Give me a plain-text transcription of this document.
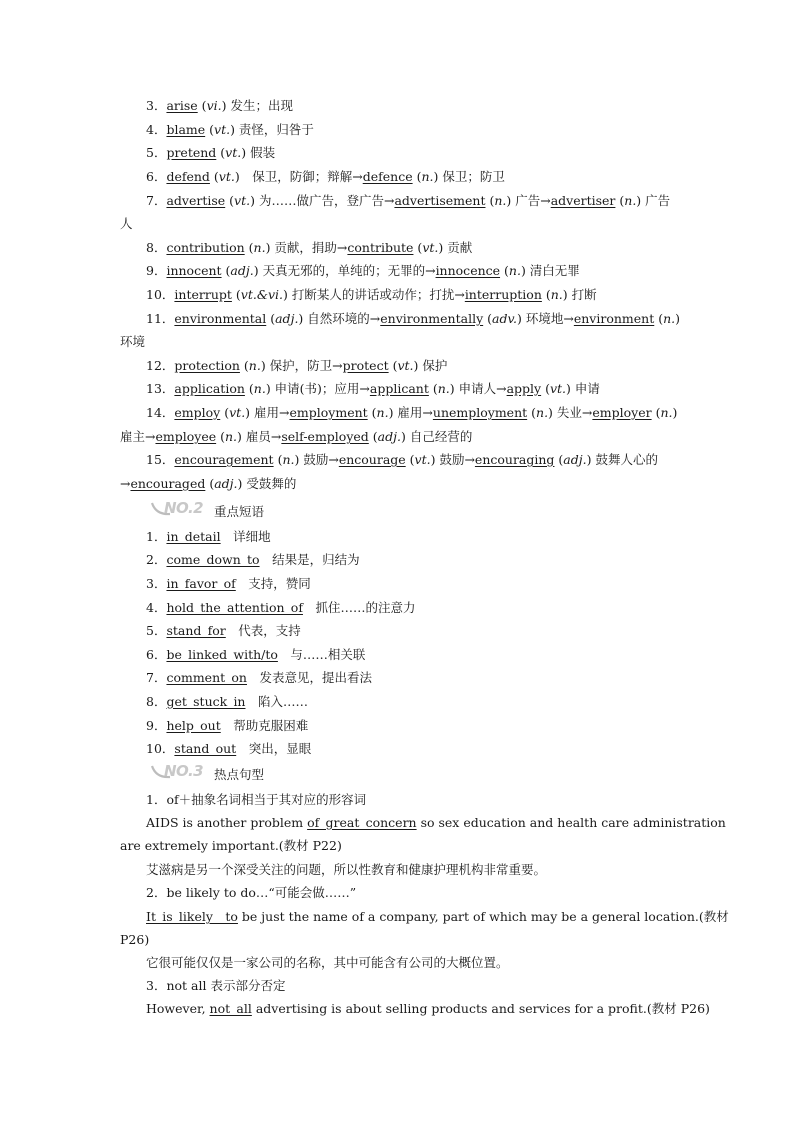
3．arise (vi.) 发生；出现
4．blame (vt.) 责怪，归咎于
5．pretend (vt.) 假装
6．defend (vt.)　保卫，防御；辩解→defence (n.) 保卫；防卫
7．advertise (vt.) 为……做广告，登广告→advertisement (n.) 广告→advertiser (n.) 广告
人
8．contribution (n.) 贡献，捐助→contribute (vt.) 贡献
9．innocent (adj.) 天真无邪的，单纯的；无罪的→innocence (n.) 清白无罪
10．interrupt (vt.&vi.) 打断某人的讲话或动作；打扰→interruption (n.) 打断
11．environmental (adj.) 自然环境的→environmentally (adv.) 环境地→environment (n.)
环境
12．protection (n.) 保护，防卫→protect (vt.) 保护
13．application (n.) 申请(书)；应用→applicant (n.) 申请人→apply (vt.) 申请
14．employ (vt.) 雇用→employment (n.) 雇用→unemployment (n.) 失业→employer (n.)
雇主→employee (n.) 雇员→self-employed (adj.) 自己经营的
15．encouragement (n.) 鼓励→encourage (vt.) 鼓励→encouraging (adj.) 鼓舞人心的
→encouraged (adj.) 受鼓舞的
NO.2 重点短语
1．in_detail　详细地
2．come_down_to　结果是，归结为
3．in_favor_of　支持，赞同
4．hold_the_attention_of　抓住……的注意力
5．stand_for　代表，支持
6．be_linked_with/to　与……相关联
7．comment_on　发表意见，提出看法
8．get_stuck_in　陷入……
9．help_out　帮助克服困难
10．stand_out　突出，显眼
NO.3 热点句型
1．of＋抽象名词相当于其对应的形容词
AIDS is another problem of_great_concern so sex education and health care administration
are extremely important.(教材 P22)
艾滋病是另一个深受关注的问题，所以性教育和健康护理机构非常重要。
2．be likely to do…“可能会做……”
It_is_likely__to be just the name of a company, part of which may be a general location.(教材
P26)
它很可能仅仅是一家公司的名称，其中可能含有公司的大概位置。
3．not all 表示部分否定
However, not_all advertising is about selling products and services for a profit.(教材 P26)
